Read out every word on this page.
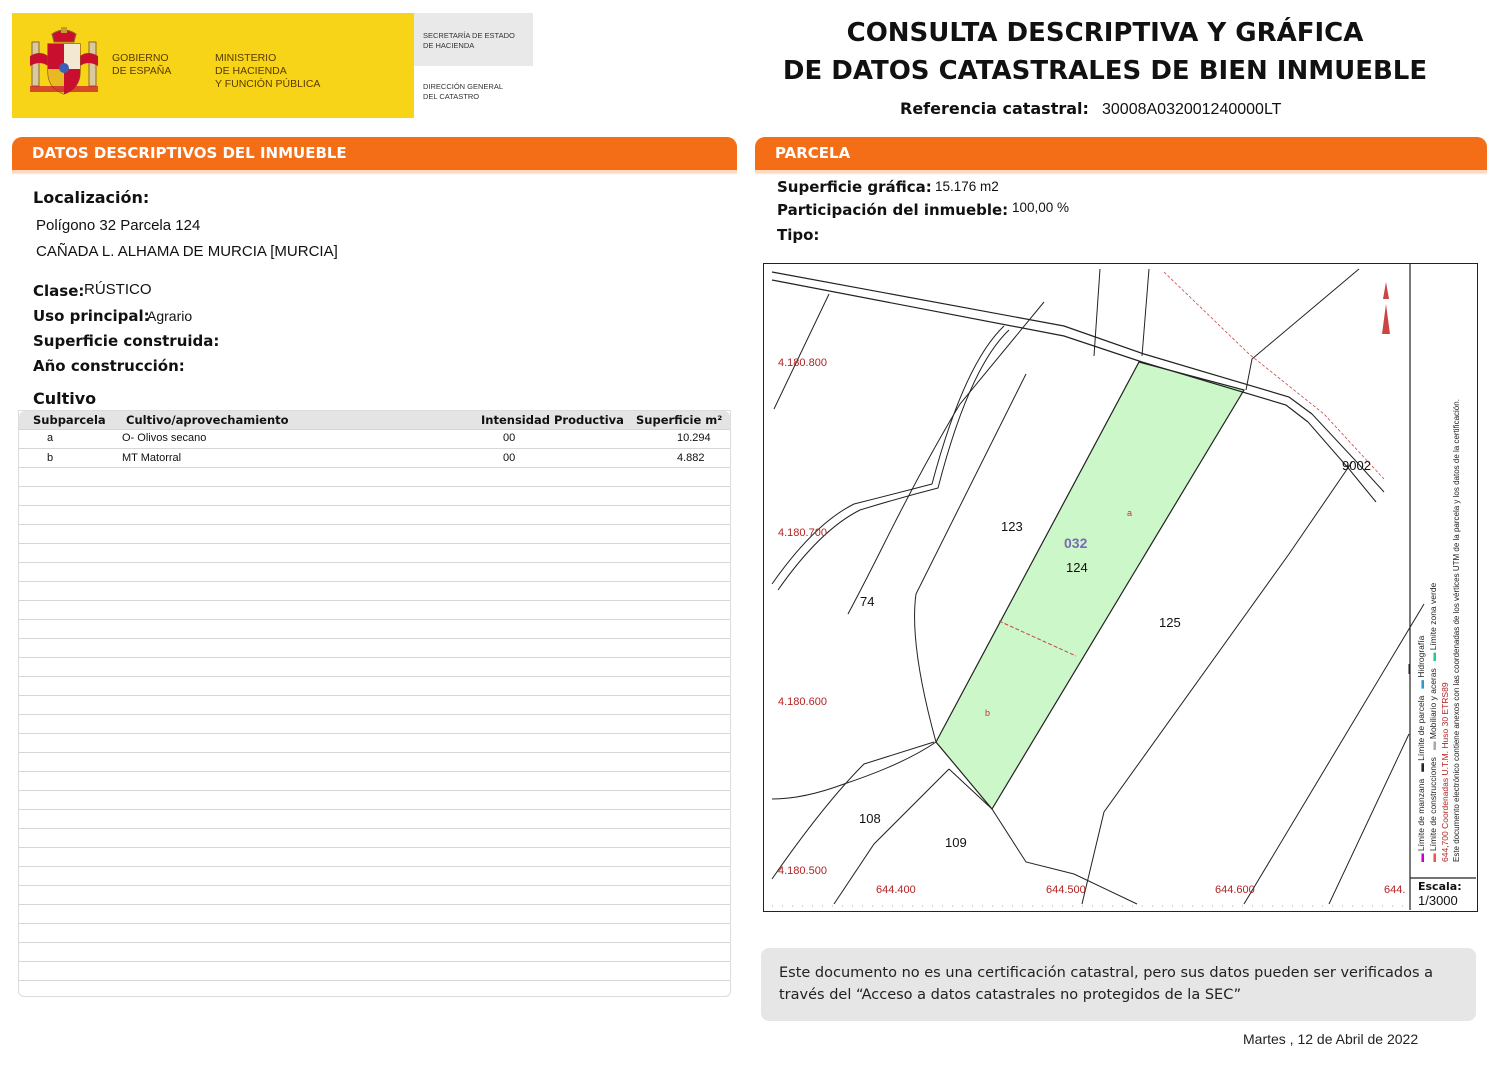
GOBIERNO
DE ESPAÑA
MINISTERIO
DE HACIENDA
Y FUNCIÓN PÚBLICA
SECRETARÍA DE ESTADO
DE HACIENDA
DIRECCIÓN GENERAL
DEL CATASTRO
CONSULTA DESCRIPTIVA Y GRÁFICA
DE DATOS CATASTRALES DE BIEN INMUEBLE
Referencia catastral: 30008A032001240000LT
DATOS DESCRIPTIVOS DEL INMUEBLE
Localización:
Polígono 32 Parcela 124
CAÑADA L. ALHAMA DE MURCIA [MURCIA]
Clase: RÚSTICO
Uso principal:
Agrario
Superficie construida:
Año construcción:
Cultivo
Subparcela Cultivo/aprovechamiento	Intensidad Productiva Superficie m²
a	O- Olivos secano	00	10.294
b	MT Matorral	00	4.882
PARCELA
Superficie gráfica: 15.176 m2
Participación del inmueble: 100,00 %
Tipo:
4.180.800
4.180.700
4.180.600
4.180.500
644.400	644.500	644.600	644.
123
124
74
125
108
109
9002
032
a
b
▬ Límite de manzana   ▬ Límite de parcela   ▬ Hidrografía
▬ Límite de construcciones   ▬ Mobiliario y aceras   ▬ Límite zona verde
644,700 Coordenadas U.T.M. Huso 30 ETRS89 Este documento electrónico contiene anexos con las coordenadas de los vértices UTM de la parcela y los datos de la certificación.
Escala:
1/3000
Este documento no es una certificación catastral, pero sus datos pueden ser verificados a través del “Acceso a datos catastrales no protegidos de la SEC”
Martes , 12 de Abril de 2022
